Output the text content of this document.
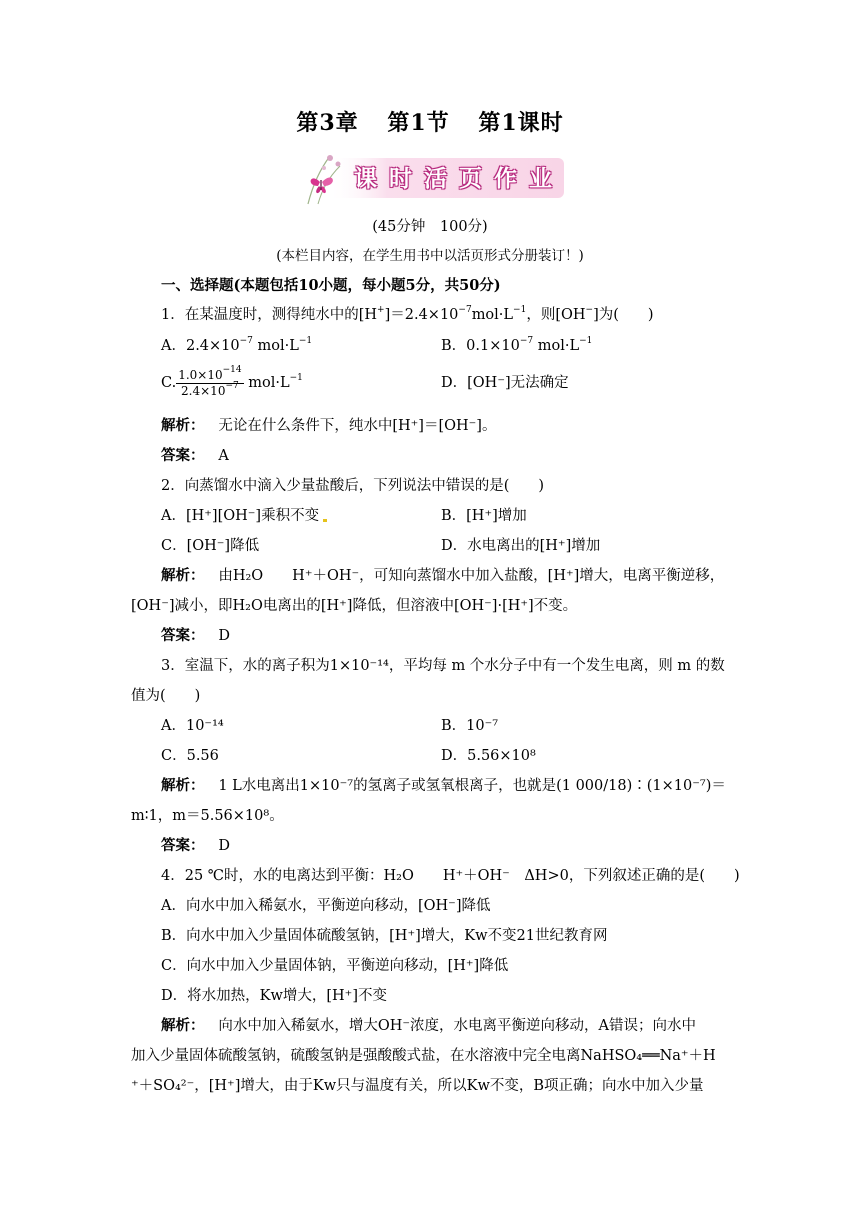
第3章 第1节 第1课时
课 时 活 页 作 业
(45分钟　100分)
(本栏目内容，在学生用书中以活页形式分册装订！)
一、选择题(本题包括10小题，每小题5分，共50分)
1．在某温度时，测得纯水中的$[H^+]=2.4\times 10^{-7}mol\cdot L^{-1}$，则[OH−]为(　　)
A．$2.4\times 10^{-7}$ $mol\cdot L^{-1}$	B．$0.1\times 10^{-7}$ $mol\cdot L^{-1}$
C. $\frac{1.0\times 10^{-14}}{2.4\times 10^{-7}} mol\cdot L^{-1}$	D．[OH⁻]无法确定
解析： 无论在什么条件下，纯水中[H⁺]＝[OH⁻]。
答案： A
2．向蒸馏水中滴入少量盐酸后，下列说法中错误的是(　　)
A．[H⁺][OH⁻]乘积不变	B．[H⁺]增加
C．[OH⁻]降低	D．水电离出的[H⁺]增加
解析： 由H₂O　　H⁺＋OH⁻，可知向蒸馏水中加入盐酸，[H⁺]增大，电离平衡逆移，
[OH⁻]减小，即H₂O电离出的[H⁺]降低，但溶液中[OH⁻]·[H⁺]不变。
答案： D
3．室温下，水的离子积为1×10⁻¹⁴，平均每 m 个水分子中有一个发生电离，则 m 的数
值为(　　)
A．10⁻¹⁴	B．10⁻⁷
C．5.56	D．5.56×10⁸
解析： 1 L水电离出1×10⁻⁷的氢离子或氢氧根离子，也就是(1 000/18)∶(1×10⁻⁷)＝
m∶1，m＝5.56×10⁸。
答案： D
4．25 ℃时，水的电离达到平衡：H₂O　　H⁺＋OH⁻　ΔH>0，下列叙述正确的是(　　)
A．向水中加入稀氨水，平衡逆向移动，[OH⁻]降低
B．向水中加入少量固体硫酸氢钠，[H⁺]增大，Kw不变21世纪教育网
C．向水中加入少量固体钠，平衡逆向移动，[H⁺]降低
D．将水加热，Kw增大，[H⁺]不变
解析： 向水中加入稀氨水，增大OH⁻浓度，水电离平衡逆向移动，A错误；向水中
加入少量固体硫酸氢钠，硫酸氢钠是强酸酸式盐，在水溶液中完全电离NaHSO₄══Na⁺＋H
⁺＋SO₄²⁻，[H⁺]增大，由于Kw只与温度有关，所以Kw不变，B项正确；向水中加入少量
